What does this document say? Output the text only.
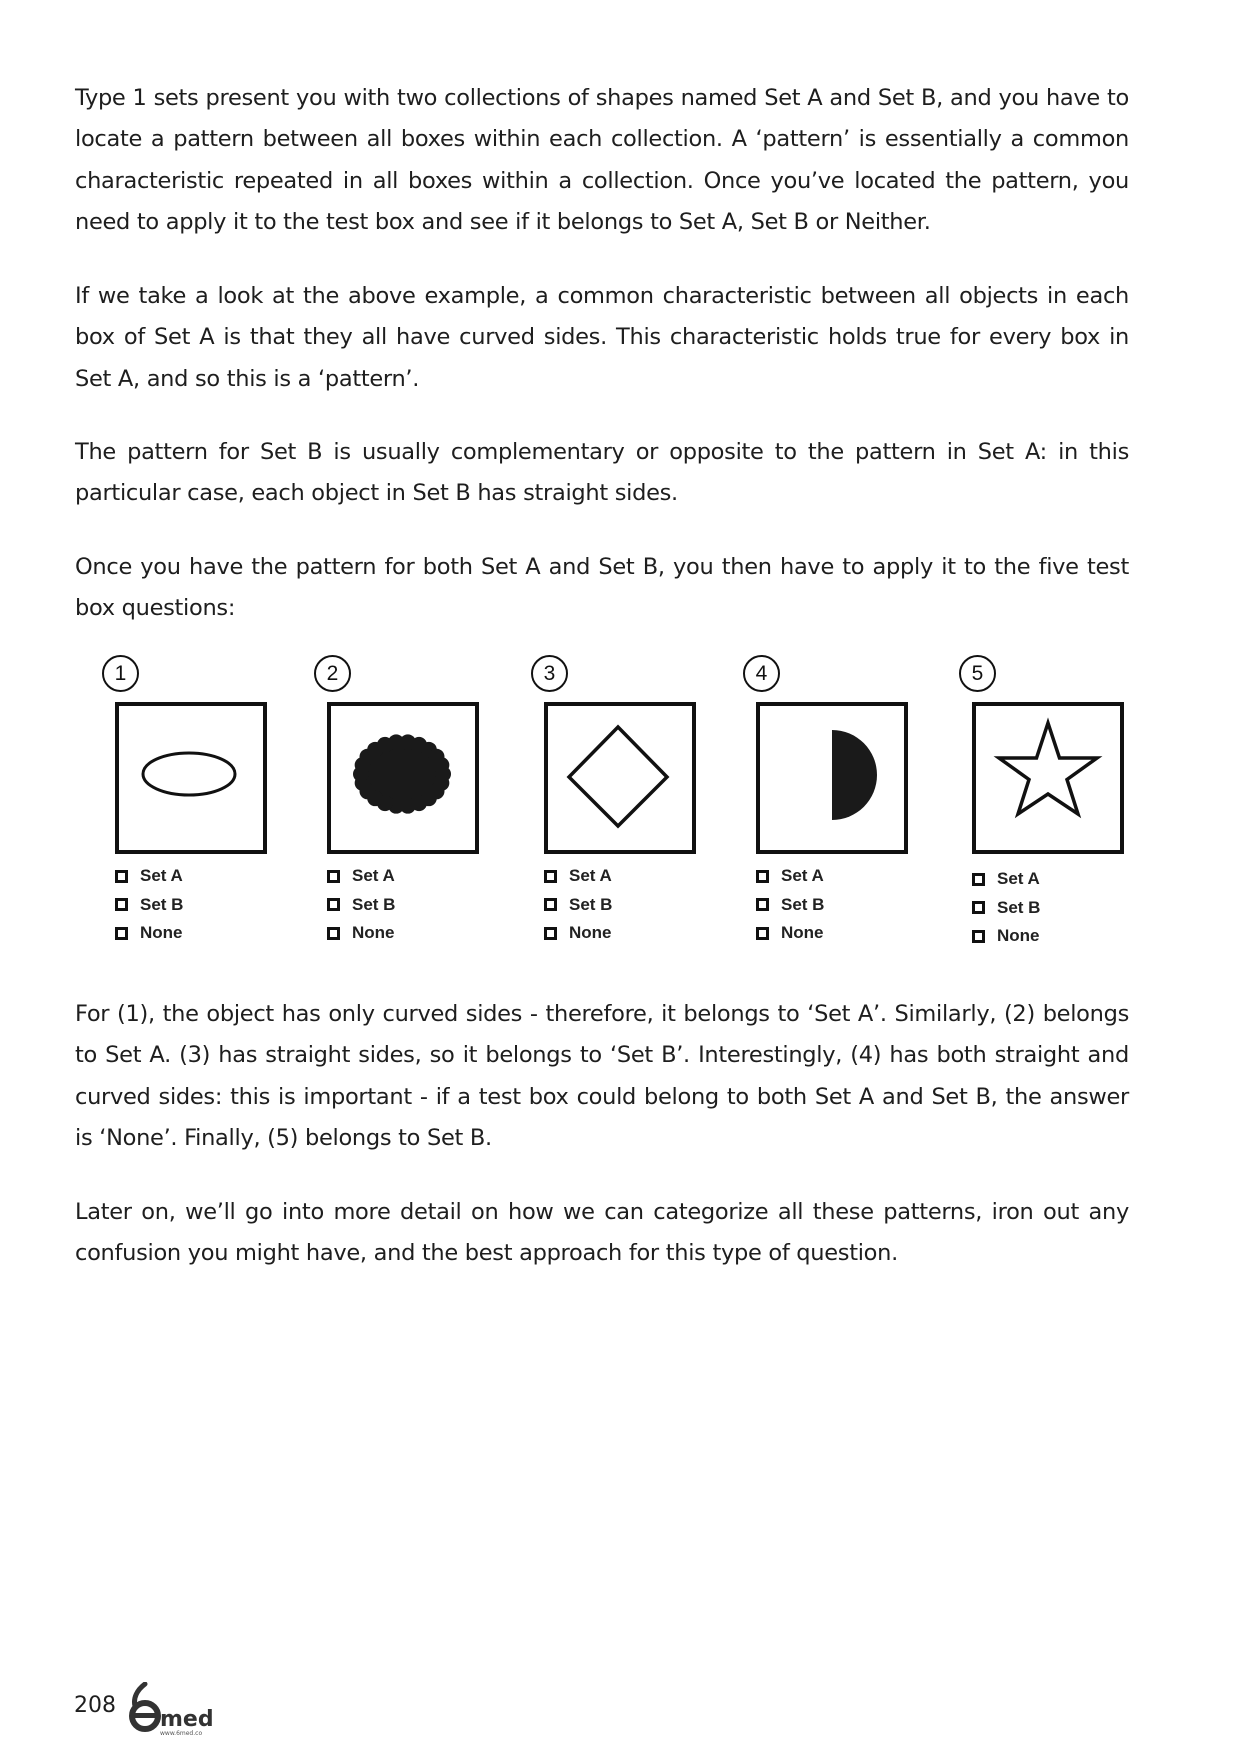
Type 1 sets present you with two collections of shapes named Set A and Set B, and you have to locate a pattern between all boxes within each collection. A ‘pattern’ is essentially a common characteristic repeated in all boxes within a collection. Once you’ve located the pattern, you need to apply it to the test box and see if it belongs to Set A, Set B or Neither.

If we take a look at the above example, a common characteristic between all objects in each box of Set A is that they all have curved sides. This characteristic holds true for every box in Set A, and so this is a ‘pattern’.

The pattern for Set B is usually complementary or opposite to the pattern in Set A: in this particular case, each object in Set B has straight sides.

Once you have the pattern for both Set A and Set B, you then have to apply it to the five test box questions:

1
Set A
Set B
None
2
Set A
Set B
None
3
Set A
Set B
None
4
Set A
Set B
None
5
Set A
Set B
None

For (1), the object has only curved sides - therefore, it belongs to ‘Set A’. Similarly, (2) belongs to Set A. (3) has straight sides, so it belongs to ‘Set B’. Interestingly, (4) has both straight and curved sides: this is important - if a test box could belong to both Set A and Set B, the answer is ‘None’. Finally, (5) belongs to Set B.

Later on, we’ll go into more detail on how we can categorize all these patterns, iron out any confusion you might have, and the best approach for this type of question.

208
med
www.6med.co
